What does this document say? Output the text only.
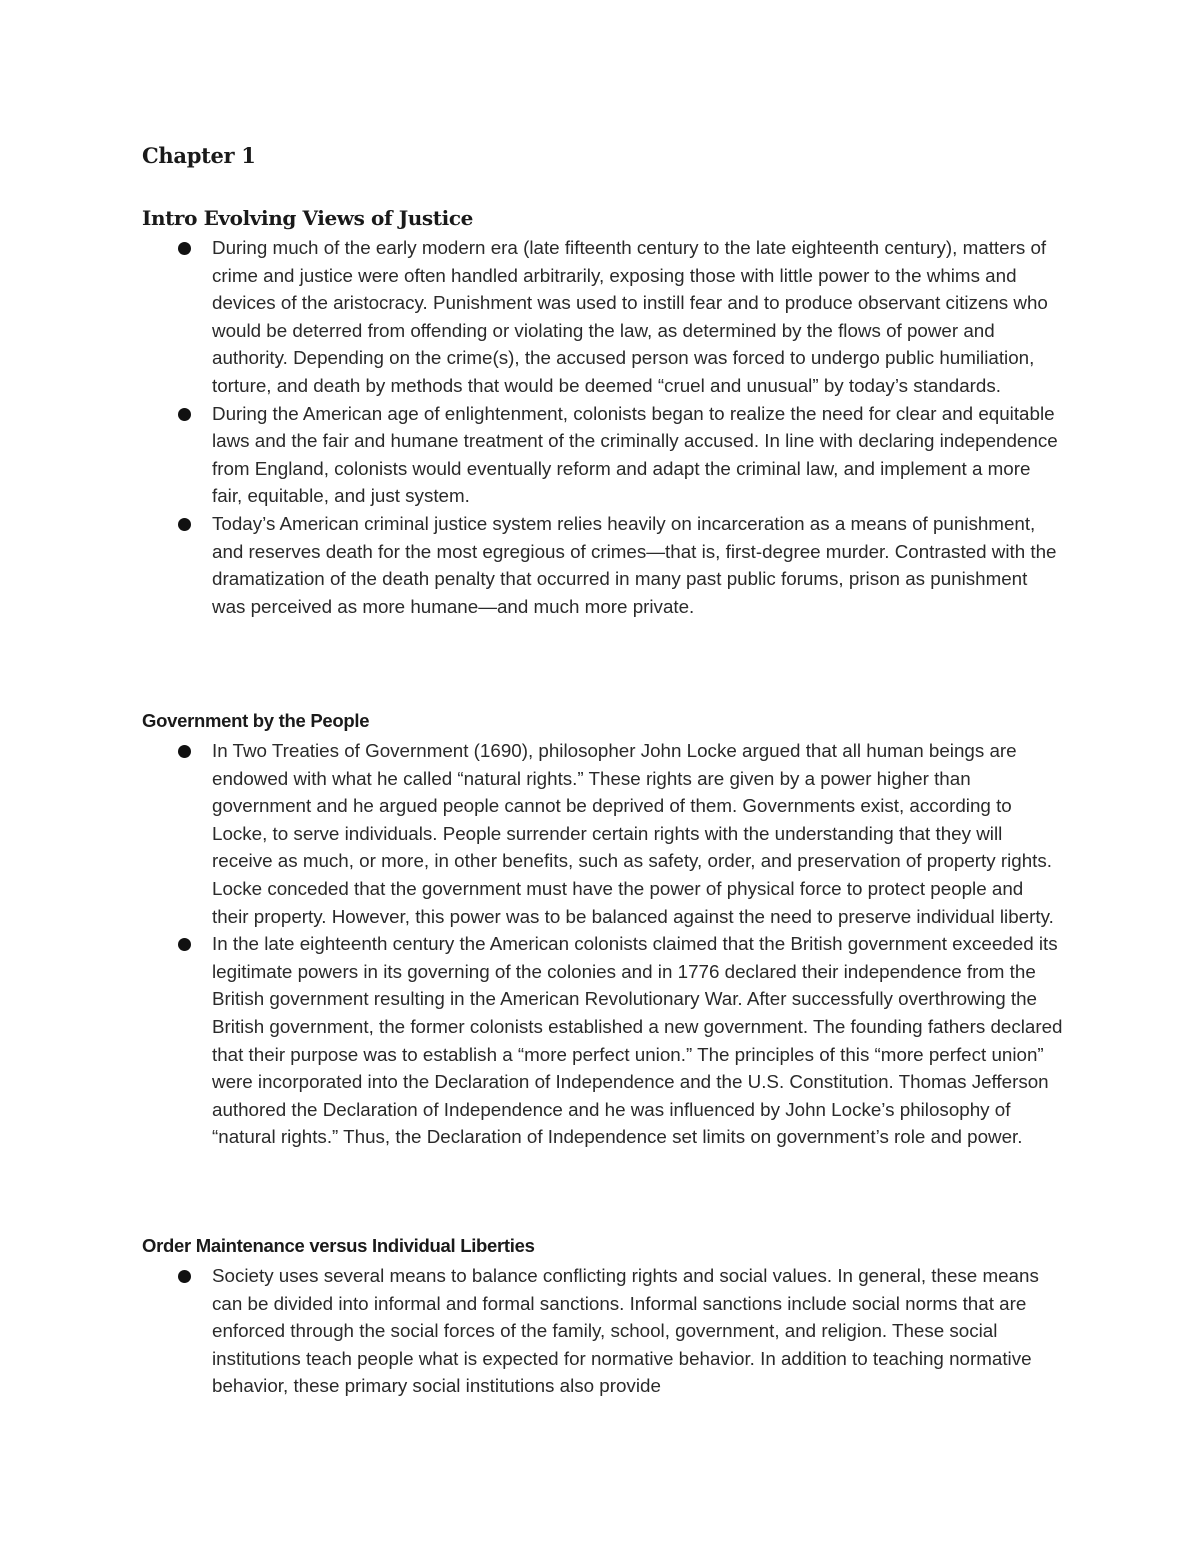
Chapter 1
Intro Evolving Views of Justice
During much of the early modern era (late fifteenth century to the late eighteenth century), matters of crime and justice were often handled arbitrarily, exposing those with little power to the whims and devices of the aristocracy. Punishment was used to instill fear and to produce observant citizens who would be deterred from offending or violating the law, as determined by the flows of power and authority. Depending on the crime(s), the accused person was forced to undergo public humiliation, torture, and death by methods that would be deemed “cruel and unusual” by today’s standards.
During the American age of enlightenment, colonists began to realize the need for clear and equitable laws and the fair and humane treatment of the criminally accused. In line with declaring independence from England, colonists would eventually reform and adapt the criminal law, and implement a more fair, equitable, and just system.
Today’s American criminal justice system relies heavily on incarceration as a means of punishment, and reserves death for the most egregious of crimes—that is, first-degree murder. Contrasted with the dramatization of the death penalty that occurred in many past public forums, prison as punishment was perceived as more humane—and much more private.
Government by the People
In Two Treaties of Government (1690), philosopher John Locke argued that all human beings are endowed with what he called “natural rights.” These rights are given by a power higher than government and he argued people cannot be deprived of them. Governments exist, according to Locke, to serve individuals. People surrender certain rights with the understanding that they will receive as much, or more, in other benefits, such as safety, order, and preservation of property rights. Locke conceded that the government must have the power of physical force to protect people and their property. However, this power was to be balanced against the need to preserve individual liberty.
In the late eighteenth century the American colonists claimed that the British government exceeded its legitimate powers in its governing of the colonies and in 1776 declared their independence from the British government resulting in the American Revolutionary War. After successfully overthrowing the British government, the former colonists established a new government. The founding fathers declared that their purpose was to establish a “more perfect union.” The principles of this “more perfect union” were incorporated into the Declaration of Independence and the U.S. Constitution. Thomas Jefferson authored the Declaration of Independence and he was influenced by John Locke’s philosophy of “natural rights.” Thus, the Declaration of Independence set limits on government’s role and power.
Order Maintenance versus Individual Liberties
Society uses several means to balance conflicting rights and social values. In general, these means can be divided into informal and formal sanctions. Informal sanctions include social norms that are enforced through the social forces of the family, school, government, and religion. These social institutions teach people what is expected for normative behavior. In addition to teaching normative behavior, these primary social institutions also provide
